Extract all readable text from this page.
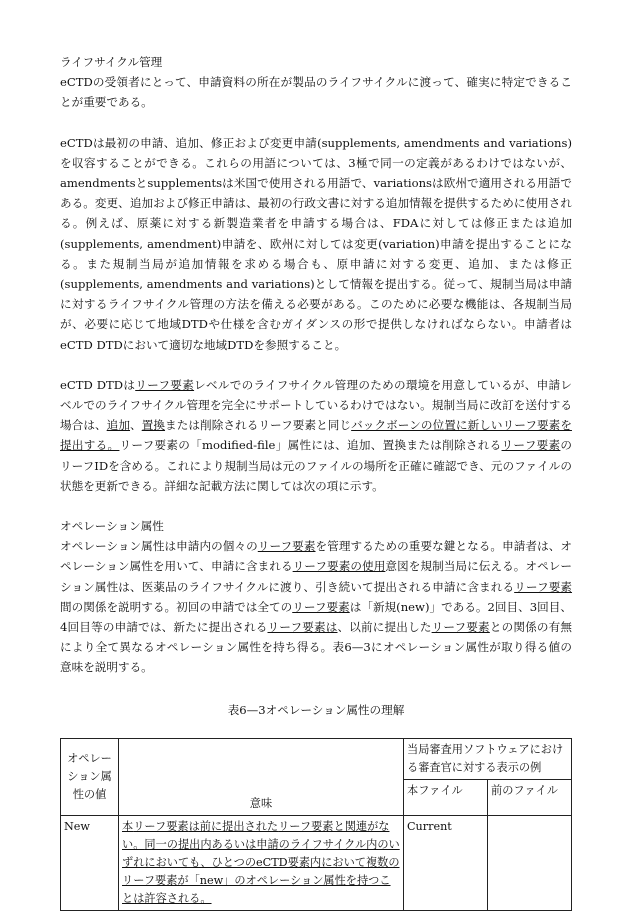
ライフサイクル管理

eCTDの受領者にとって、申請資料の所在が製品のライフサイクルに渡って、確実に特定できることが重要である。

eCTDは最初の申請、追加、修正および変更申請(supplements, amendments and variations)を収容することができる。これらの用語については、3極で同一の定義があるわけではないが、amendmentsとsupplementsは米国で使用される用語で、variationsは欧州で適用される用語である。変更、追加および修正申請は、最初の行政文書に対する追加情報を提供するために使用される。例えば、原薬に対する新製造業者を申請する場合は、FDAに対しては修正または追加(supplements, amendment)申請を、欧州に対しては変更(variation)申請を提出することになる。また規制当局が追加情報を求める場合も、原申請に対する変更、追加、または修正(supplements, amendments and variations)として情報を提出する。従って、規制当局は申請に対するライフサイクル管理の方法を備える必要がある。このために必要な機能は、各規制当局が、必要に応じて地域DTDや仕様を含むガイダンスの形で提供しなければならない。申請者はeCTD DTDにおいて適切な地域DTDを参照すること。

eCTD DTDはリーフ要素レベルでのライフサイクル管理のための環境を用意しているが、申請レベルでのライフサイクル管理を完全にサポートしているわけではない。規制当局に改訂を送付する場合は、追加、置換または削除されるリーフ要素と同じバックボーンの位置に新しいリーフ要素を提出する。リーフ要素の「modified-file」属性には、追加、置換または削除されるリーフ要素のリーフIDを含める。これにより規制当局は元のファイルの場所を正確に確認でき、元のファイルの状態を更新できる。詳細な記載方法に関しては次の項に示す。

オペレーション属性

オペレーション属性は申請内の個々のリーフ要素を管理するための重要な鍵となる。申請者は、オペレーション属性を用いて、申請に含まれるリーフ要素の使用意図を規制当局に伝える。オペレーション属性は、医薬品のライフサイクルに渡り、引き続いて提出される申請に含まれるリーフ要素間の関係を説明する。初回の申請では全てのリーフ要素は「新規(new)」である。2回目、3回目、4回目等の申請では、新たに提出されるリーフ要素は、以前に提出したリーフ要素との関係の有無により全て異なるオペレーション属性を持ち得る。表6—3にオペレーション属性が取り得る値の意味を説明する。

表6—3オペレーション属性の理解
オペレーション属性の値	意味	当局審査用ソフトウェアにおける審査官に対する表示の例	
		本ファイル	前のファイル
New	本リーフ要素は前に提出されたリーフ要素と関連がない。同一の提出内あるいは申請のライフサイクル内のいずれにおいても、ひとつのeCTD要素内において複数のリーフ要素が「new」のオペレーション属性を持つことは許容される。	Current	
